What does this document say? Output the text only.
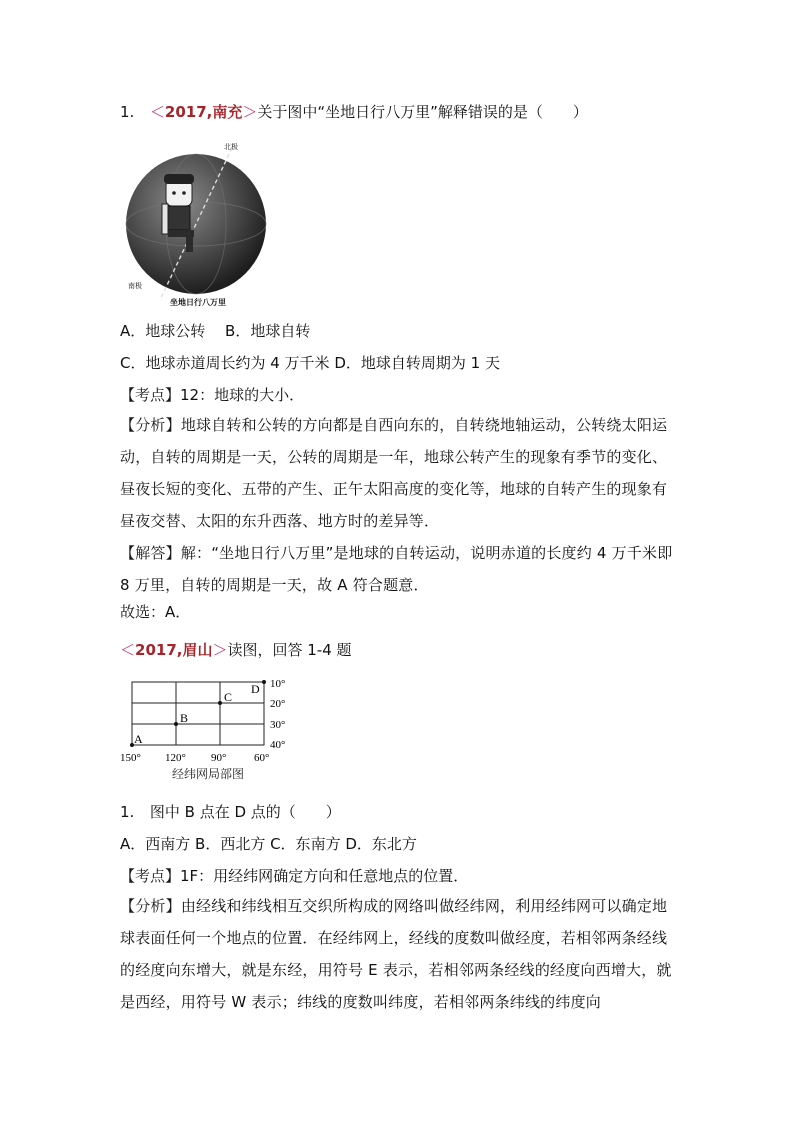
1. ＜2017,南充＞关于图中“坐地日行八万里”解释错误的是（　　）
北极
南极
坐地日行八万里
A．地球公转　 B．地球自转
C．地球赤道周长约为 4 万千米 D．地球自转周期为 1 天
【考点】12：地球的大小．
【分析】地球自转和公转的方向都是自西向东的，自转绕地轴运动，公转绕太阳运动，自转的周期是一天，公转的周期是一年，地球公转产生的现象有季节的变化、昼夜长短的变化、五带的产生、正午太阳高度的变化等，地球的自转产生的现象有昼夜交替、太阳的东升西落、地方时的差异等．
【解答】解：“坐地日行八万里”是地球的自转运动，说明赤道的长度约 4 万千米即 8 万里，自转的周期是一天，故 A 符合题意．
故选：A．
＜2017,眉山＞读图，回答 1-4 题
A
B
C
D 10°
20°
30°
40°
150° 120° 90°	60°
经纬网局部图
1. 图中 B 点在 D 点的（　　）
A．西南方 B．西北方 C．东南方 D．东北方
【考点】1F：用经纬网确定方向和任意地点的位置．
【分析】由经线和纬线相互交织所构成的网络叫做经纬网，利用经纬网可以确定地球表面任何一个地点的位置．在经纬网上，经线的度数叫做经度，若相邻两条经线的经度向东增大，就是东经，用符号 E 表示，若相邻两条经线的经度向西增大，就是西经，用符号 W 表示；纬线的度数叫纬度，若相邻两条纬线的纬度向
